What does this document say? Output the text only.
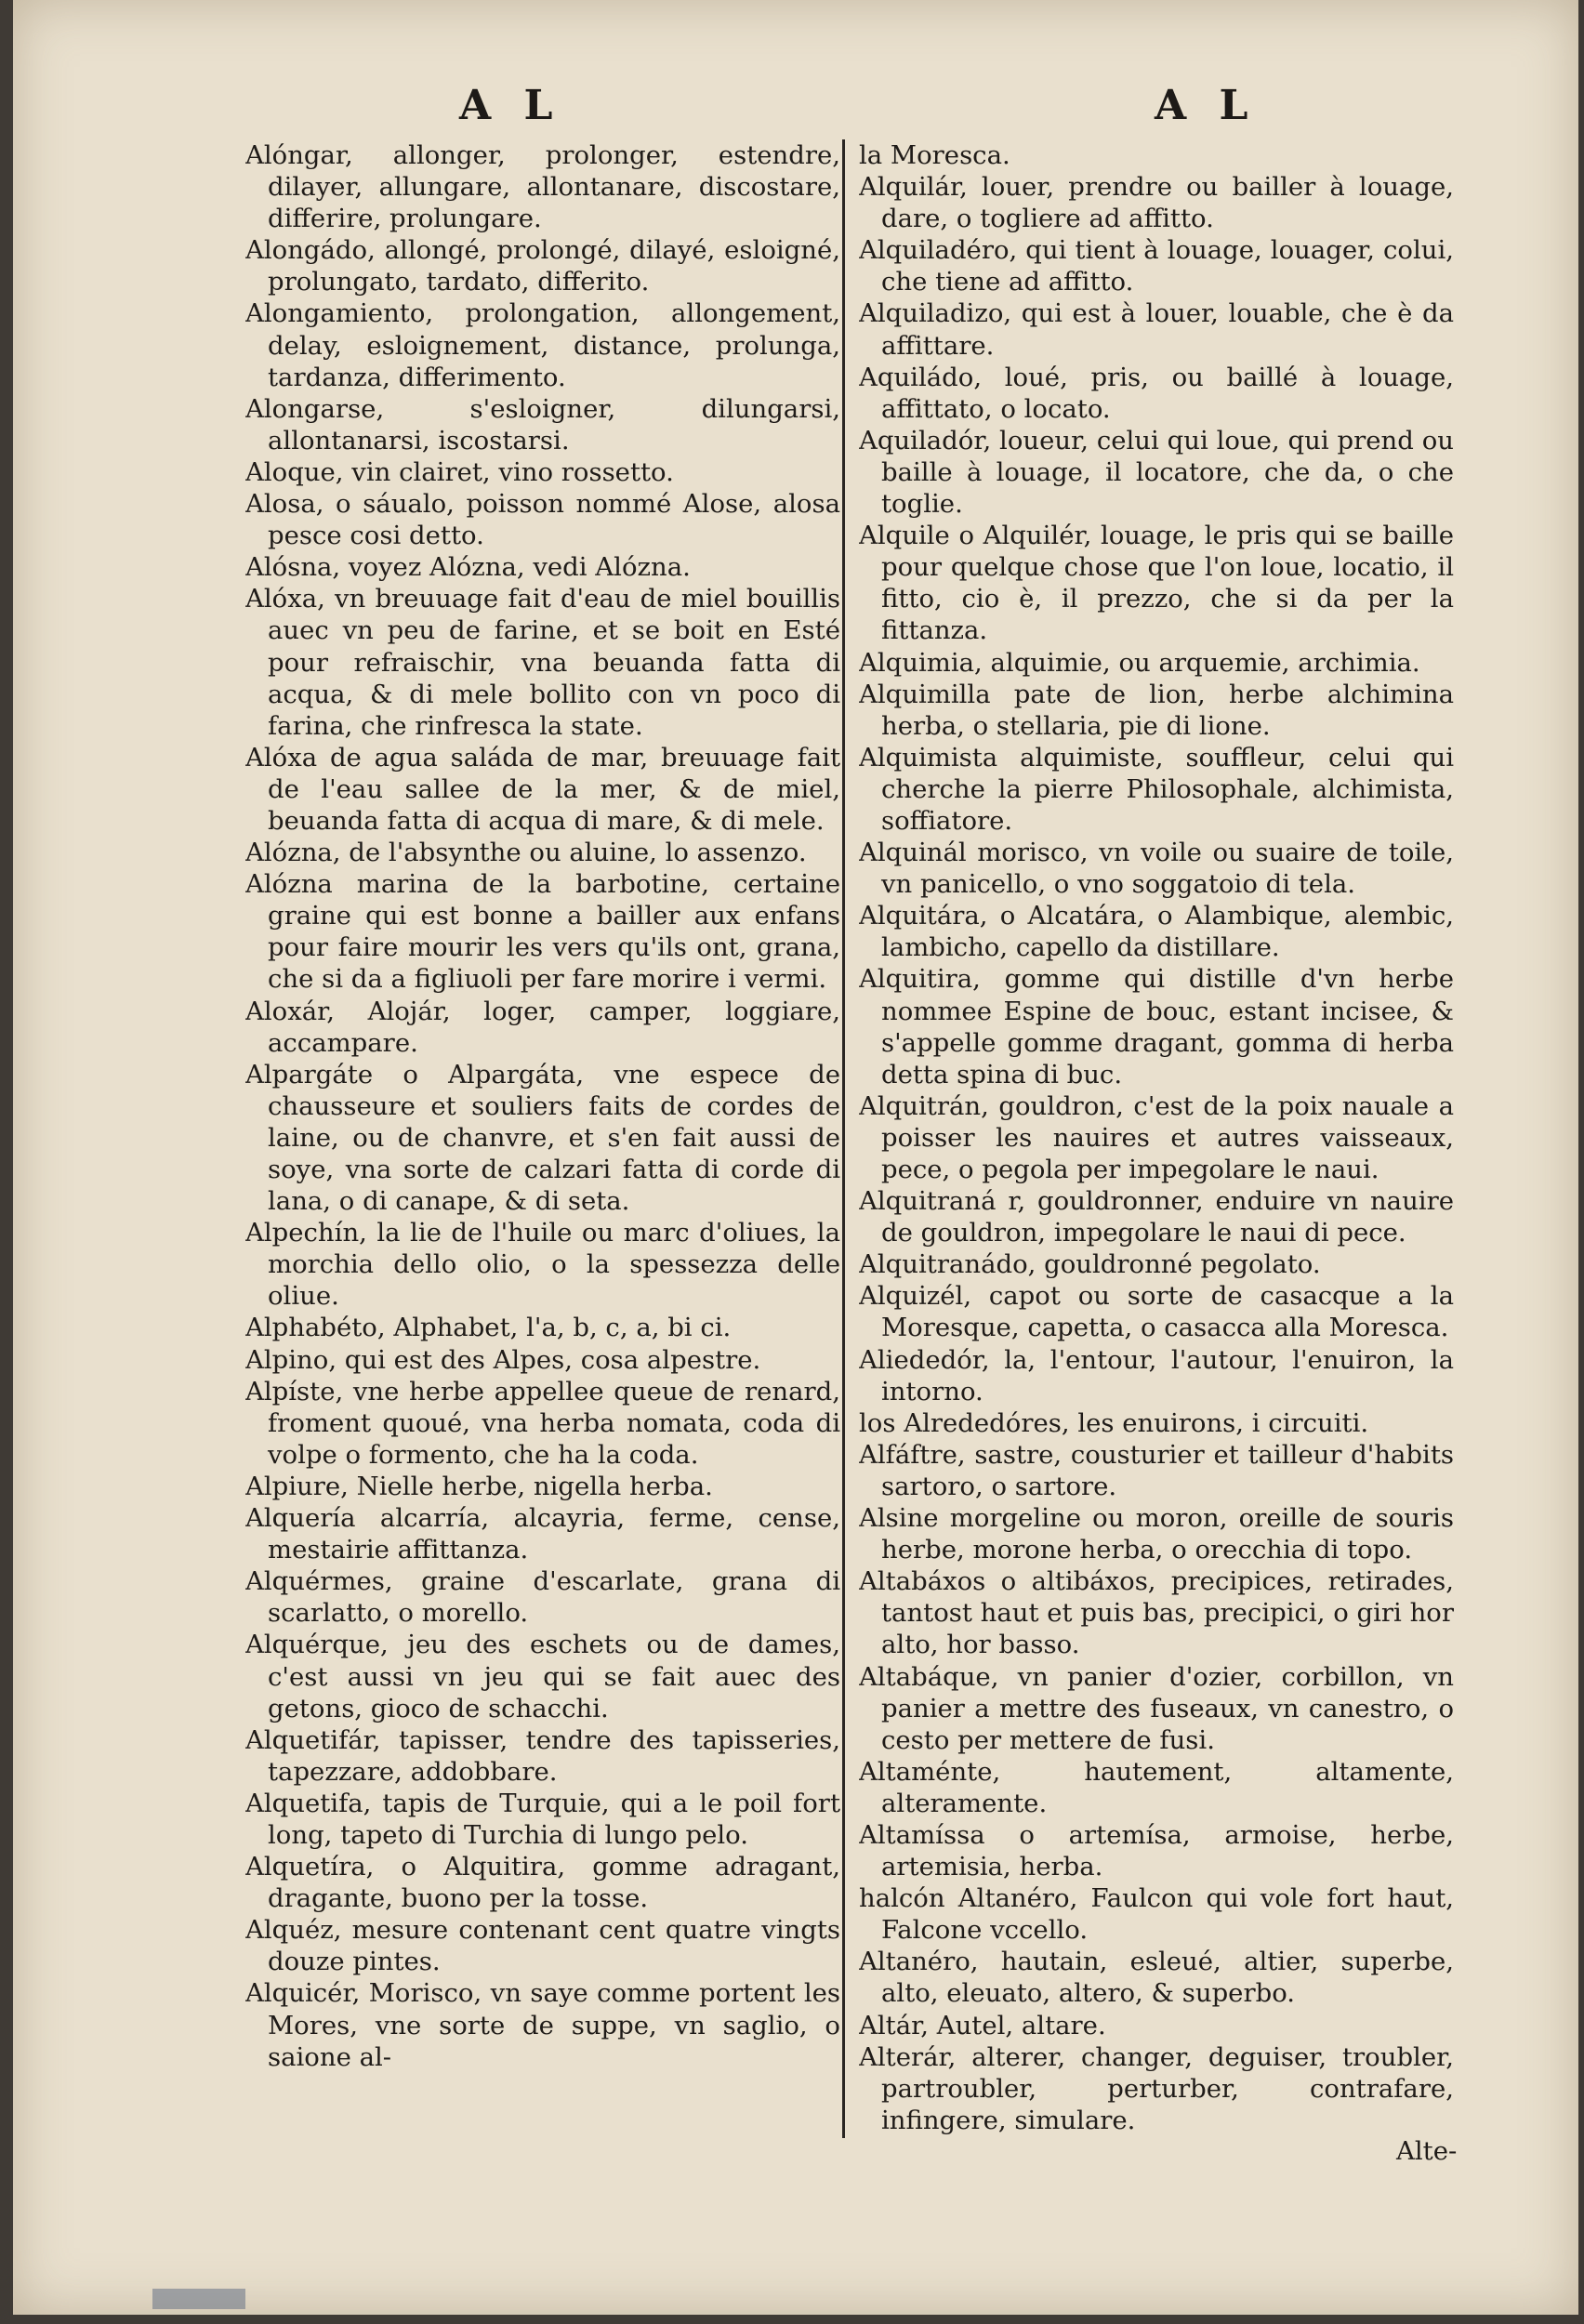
A L	A L

Alóngar, allonger, prolonger, estendre, dilayer, allungare, allontanare, discostare, differire, prolungare.

Alongádo, allongé, prolongé, dilayé, esloigné, prolungato, tardato, differito.

Alongamiento, prolongation, allongement, delay, esloignement, distance, prolunga, tardanza, differimento.

Alongarse, s'esloigner, dilungarsi, allontanarsi, iscostarsi.

Aloque, vin clairet, vino rossetto.

Alosa, o sáualo, poisson nommé Alose, alosa pesce cosi detto.

Alósna, voyez Alózna, vedi Alózna.

Alóxa, vn breuuage fait d'eau de miel bouillis auec vn peu de farine, et se boit en Esté pour refraischir, vna beuanda fatta di acqua, & di mele bollito con vn poco di farina, che rinfresca la state.

Alóxa de agua saláda de mar, breuuage fait de l'eau sallee de la mer, & de miel, beuanda fatta di acqua di mare, & di mele.

Alózna, de l'absynthe ou aluine, lo assenzo.

Alózna marina de la barbotine, certaine graine qui est bonne a bailler aux enfans pour faire mourir les vers qu'ils ont, grana, che si da a figliuoli per fare morire i vermi.

Aloxár, Alojár, loger, camper, loggiare, accampare.

Alpargáte o Alpargáta, vne espece de chausseure et souliers faits de cordes de laine, ou de chanvre, et s'en fait aussi de soye, vna sorte de calzari fatta di corde di lana, o di canape, & di seta.

Alpechín, la lie de l'huile ou marc d'oliues, la morchia dello olio, o la spessezza delle oliue.

Alphabéto, Alphabet, l'a, b, c, a, bi ci.

Alpino, qui est des Alpes, cosa alpestre.

Alpíste, vne herbe appellee queue de renard, froment quoué, vna herba nomata, coda di volpe o formento, che ha la coda.

Alpiure, Nielle herbe, nigella herba.

Alquería alcarría, alcayria, ferme, cense, mestairie affittanza.

Alquérmes, graine d'escarlate, grana di scarlatto, o morello.

Alquérque, jeu des eschets ou de dames, c'est aussi vn jeu qui se fait auec des getons, gioco de schacchi.

Alquetifár, tapisser, tendre des tapisseries, tapezzare, addobbare.

Alquetifa, tapis de Turquie, qui a le poil fort long, tapeto di Turchia di lungo pelo.

Alquetíra, o Alquitira, gomme adragant, dragante, buono per la tosse.

Alquéz, mesure contenant cent quatre vingts douze pintes.

Alquicér, Morisco, vn saye comme portent les Mores, vne sorte de suppe, vn saglio, o saione al-

la Moresca.

Alquilár, louer, prendre ou bailler à louage, dare, o togliere ad affitto.

Alquiladéro, qui tient à louage, louager, colui, che tiene ad affitto.

Alquiladizo, qui est à louer, louable, che è da affittare.

Aquiládo, loué, pris, ou baillé à louage, affittato, o locato.

Aquiladór, loueur, celui qui loue, qui prend ou baille à louage, il locatore, che da, o che toglie.

Alquile o Alquilér, louage, le pris qui se baille pour quelque chose que l'on loue, locatio, il fitto, cio è, il prezzo, che si da per la fittanza.

Alquimia, alquimie, ou arquemie, archimia.

Alquimilla pate de lion, herbe alchimina herba, o stellaria, pie di lione.

Alquimista alquimiste, souffleur, celui qui cherche la pierre Philosophale, alchimista, soffiatore.

Alquinál morisco, vn voile ou suaire de toile, vn panicello, o vno soggatoio di tela.

Alquitára, o Alcatára, o Alambique, alembic, lambicho, capello da distillare.

Alquitira, gomme qui distille d'vn herbe nommee Espine de bouc, estant incisee, & s'appelle gomme dragant, gomma di herba detta spina di buc.

Alquitrán, gouldron, c'est de la poix nauale a poisser les nauires et autres vaisseaux, pece, o pegola per impegolare le naui.

Alquitraná r, gouldronner, enduire vn nauire de gouldron, impegolare le naui di pece.

Alquitranádo, gouldronné pegolato.

Alquizél, capot ou sorte de casacque a la Moresque, capetta, o casacca alla Moresca.

Aliededór, la, l'entour, l'autour, l'enuiron, la intorno.

los Alrededóres, les enuirons, i circuiti.

Alfáftre, sastre, cousturier et tailleur d'habits sartoro, o sartore.

Alsine morgeline ou moron, oreille de souris herbe, morone herba, o orecchia di topo.

Altabáxos o altibáxos, precipices, retirades, tantost haut et puis bas, precipici, o giri hor alto, hor basso.

Altabáque, vn panier d'ozier, corbillon, vn panier a mettre des fuseaux, vn canestro, o cesto per mettere de fusi.

Altaménte, hautement, altamente, alteramente.

Altamíssa o artemísa, armoise, herbe, artemisia, herba.

halcón Altanéro, Faulcon qui vole fort haut, Falcone vccello.

Altanéro, hautain, esleué, altier, superbe, alto, eleuato, altero, & superbo.

Altár, Autel, altare.

Alterár, alterer, changer, deguiser, troubler, partroubler, perturber, contrafare, infingere, simulare.

Alte-
